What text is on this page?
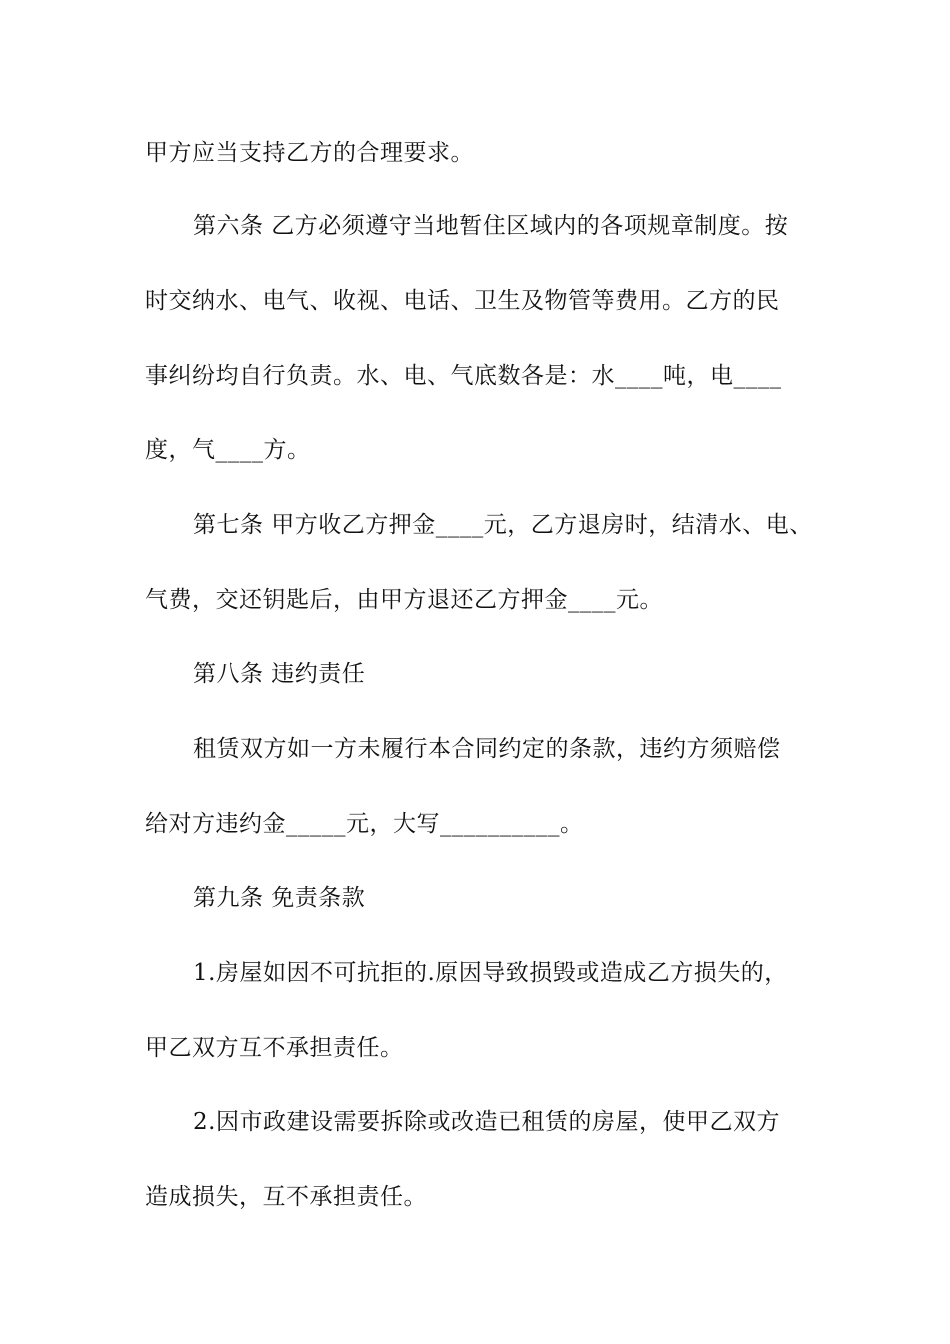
甲方应当支持乙方的合理要求。
第六条 乙方必须遵守当地暂住区域内的各项规章制度。按
时交纳水、电气、收视、电话、卫生及物管等费用。乙方的民
事纠纷均自行负责。水、电、气底数各是：水____吨，电____
度，气____方。
第七条 甲方收乙方押金____元，乙方退房时，结清水、电、
气费，交还钥匙后，由甲方退还乙方押金____元。
第八条 违约责任
租赁双方如一方未履行本合同约定的条款，违约方须赔偿
给对方违约金_____元，大写__________。
第九条 免责条款
1.房屋如因不可抗拒的.原因导致损毁或造成乙方损失的，
甲乙双方互不承担责任。
2.因市政建设需要拆除或改造已租赁的房屋，使甲乙双方
造成损失，互不承担责任。
